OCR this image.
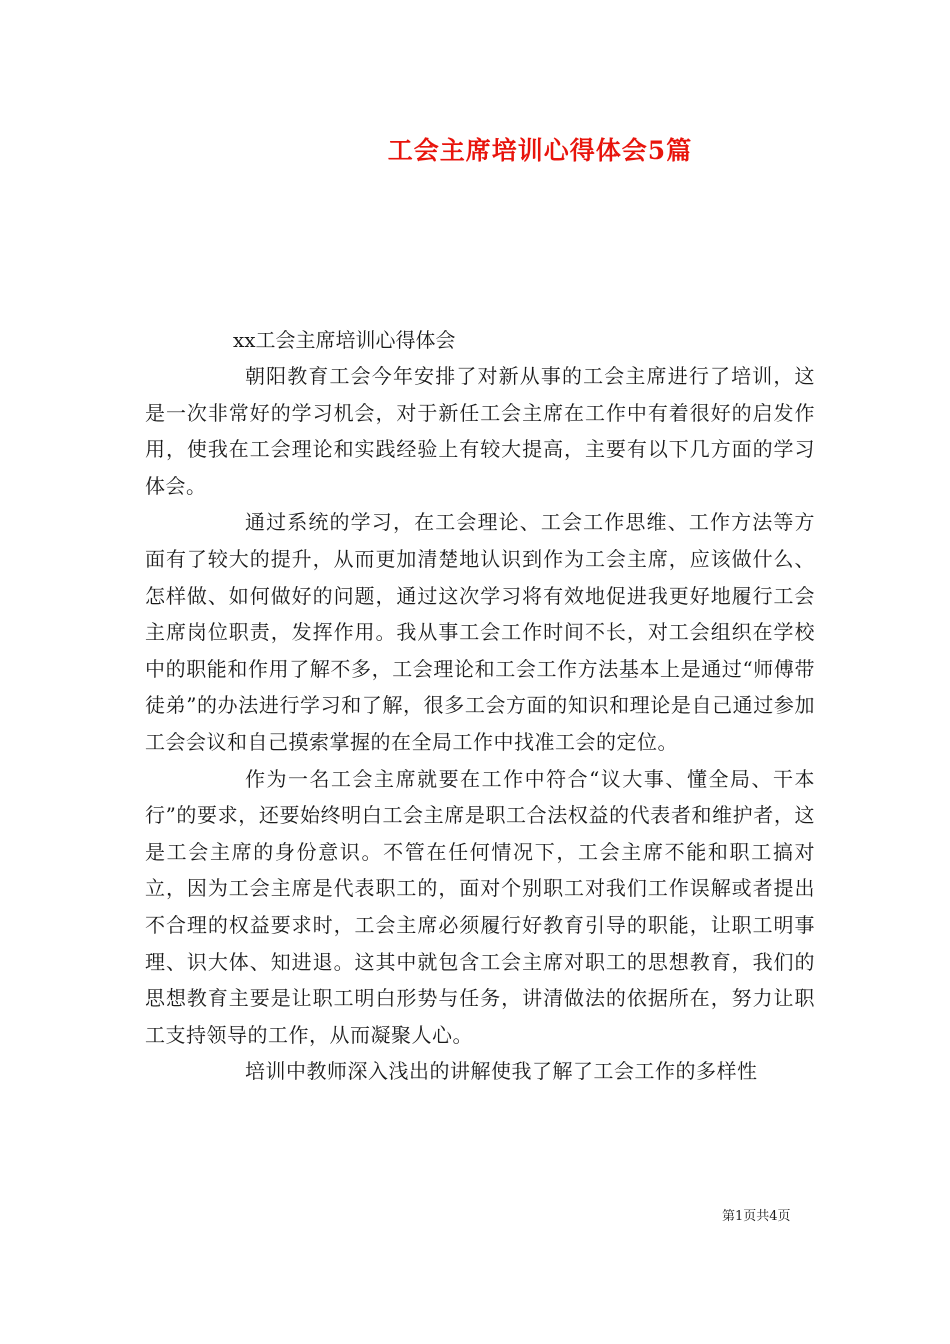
工会主席培训心得体会5篇

xx工会主席培训心得体会

朝阳教育工会今年安排了对新从事的工会主席进行了培训，这是一次非常好的学习机会，对于新任工会主席在工作中有着很好的启发作用，使我在工会理论和实践经验上有较大提高，主要有以下几方面的学习体会。

通过系统的学习，在工会理论、工会工作思维、工作方法等方面有了较大的提升，从而更加清楚地认识到作为工会主席，应该做什么、怎样做、如何做好的问题，通过这次学习将有效地促进我更好地履行工会主席岗位职责，发挥作用。我从事工会工作时间不长，对工会组织在学校中的职能和作用了解不多，工会理论和工会工作方法基本上是通过“师傅带徒弟”的办法进行学习和了解，很多工会方面的知识和理论是自己通过参加工会会议和自己摸索掌握的在全局工作中找准工会的定位。

作为一名工会主席就要在工作中符合“议大事、懂全局、干本行”的要求，还要始终明白工会主席是职工合法权益的代表者和维护者，这是工会主席的身份意识。不管在任何情况下，工会主席不能和职工搞对立，因为工会主席是代表职工的，面对个别职工对我们工作误解或者提出不合理的权益要求时，工会主席必须履行好教育引导的职能，让职工明事理、识大体、知进退。这其中就包含工会主席对职工的思想教育，我们的思想教育主要是让职工明白形势与任务，讲清做法的依据所在，努力让职工支持领导的工作，从而凝聚人心。

培训中教师深入浅出的讲解使我了解了工会工作的多样性

第1页共4页
